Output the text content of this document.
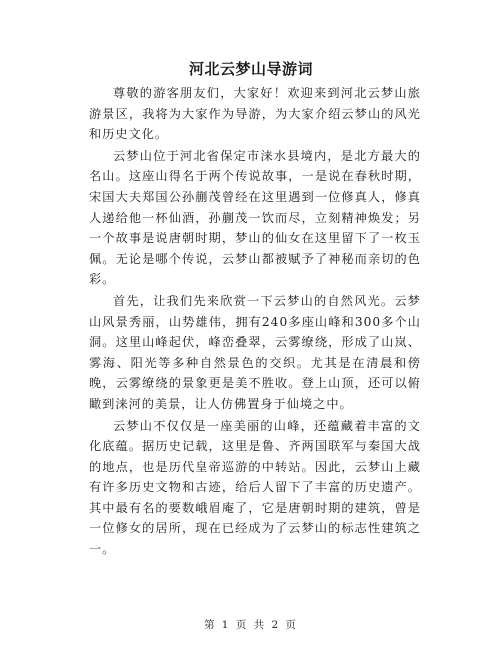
河北云梦山导游词

尊敬的游客朋友们，大家好！欢迎来到河北云梦山旅游景区，我将为大家作为导游，为大家介绍云梦山的风光和历史文化。

云梦山位于河北省保定市涞水县境内，是北方最大的名山。这座山得名于两个传说故事，一是说在春秋时期，宋国大夫郑国公孙蒯茂曾经在这里遇到一位修真人，修真人递给他一杯仙酒，孙蒯茂一饮而尽，立刻精神焕发；另一个故事是说唐朝时期，梦山的仙女在这里留下了一枚玉佩。无论是哪个传说，云梦山都被赋予了神秘而亲切的色彩。

首先，让我们先来欣赏一下云梦山的自然风光。云梦山风景秀丽，山势雄伟，拥有240多座山峰和300多个山洞。这里山峰起伏，峰峦叠翠，云雾缭绕，形成了山岚、雾海、阳光等多种自然景色的交织。尤其是在清晨和傍晚，云雾缭绕的景象更是美不胜收。登上山顶，还可以俯瞰到涞河的美景，让人仿佛置身于仙境之中。

云梦山不仅仅是一座美丽的山峰，还蕴藏着丰富的文化底蕴。据历史记载，这里是鲁、齐两国联军与秦国大战的地点，也是历代皇帝巡游的中转站。因此，云梦山上藏有许多历史文物和古迹，给后人留下了丰富的历史遗产。其中最有名的要数峨眉庵了，它是唐朝时期的建筑，曾是一位修女的居所，现在已经成为了云梦山的标志性建筑之一。

第 1 页 共 2 页
